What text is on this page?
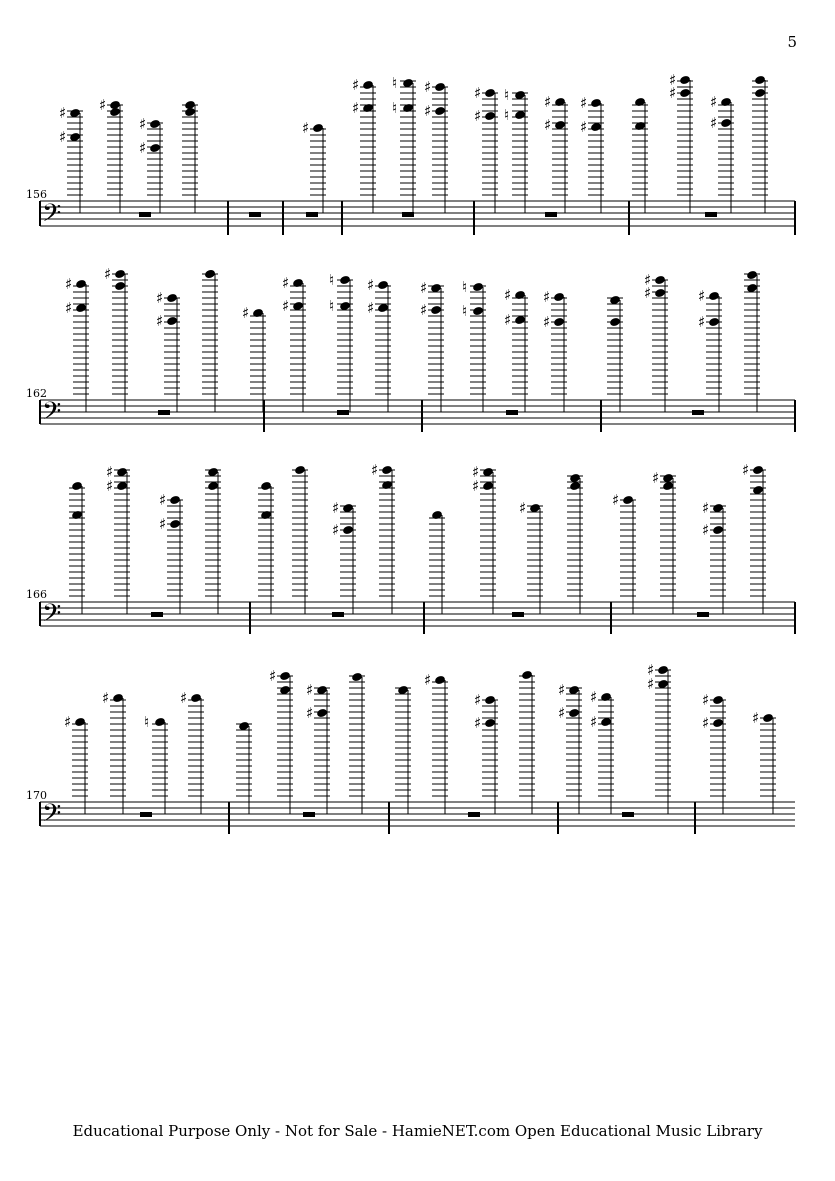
5
156
𝄢
♯
♯
♯
♯
♯
♯
♯
♯
♮
♮
♯
♯
♯
♯
♮
♮
♯
♯
♯
♯
♯
♯ ♯
♯
162
𝄢
♯
♯
♯
♯
♯	♯
♯
♯
♮
♮
♯
♯
♯
♯
♮
♮
♯
♯
♯
♯
♯
♯	♯
♯
166
𝄢
♯
♯
♯
♯
♯
♯
♯	♯
♯
♯	♯
♯
♯
♯
♯
170
𝄢
♯
♯
♮
♯
♯
♯
♯
♯
♯
♯
♯
♯
♯
♯
♯
♯
♯
♯	♯
Educational Purpose Only - Not for Sale - HamieNET.com Open Educational Music Library
